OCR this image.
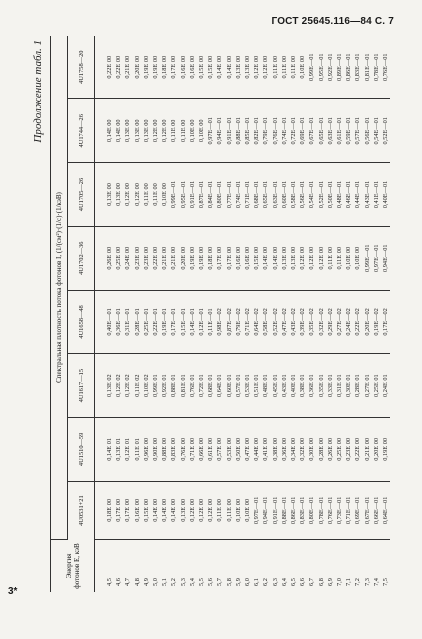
ГОСТ 25645.116—84 С. 7
Продолжение табл. 1
Энергия фотонов E, кэВ	Спектральная плотность потока фотонов I, (1/(см²)·(1/с)·(1/кэВ)							
	4U0531+21	4U1510—59	4U1617—15	4U1658—48	4U1702—36	4U1705—26	4U1744—26	4U1758—20
4,5	0,18E 00	0,14E 01	0,13E 02	0,40E—01	0,26E 00	0,13E 00	0,14E 00	0,22E 00
4,6	0,17E 00	0,13E 01	0,12E 02	0,36E—01	0,25E 00	0,13E 00	0,14E 00	0,22E 00
4,7	0,17E 00	0,12E 01	0,12E 02	0,31E—01	0,24E 00	0,12E 00	0,13E 00	0,21E 00
4,8	0,16E 00	0,11E 01	0,11E 02	0,28E—01	0,23E 00	0,12E 00	0,13E 00	0,20E 00
4,9	0,15E 00	0,96E 00	0,10E 02	0,25E—01	0,23E 00	0,11E 00	0,13E 00	0,19E 00
5,0	0,14E 00	0,90E 00	0,99E 01	0,22E—01	0,22E 00	0,11E 00	0,12E 00	0,19E 00
5,1	0,14E 00	0,88E 00	0,92E 01	0,19E—01	0,21E 00	0,10E 00	0,12E 00	0,18E 00
5,2	0,14E 00	0,83E 00	0,88E 01	0,17E—01	0,21E 00	0,99E—01	0,11E 00	0,17E 00
5,3	0,13E 00	0,76E 00	0,81E 01	0,15E—01	0,20E 00	0,95E—01	0,11E 00	0,16E 00
5,4	0,12E 00	0,71E 00	0,76E 01	0,14E—01	0,19E 00	0,91E—01	0,10E 00	0,16E 00
5,5	0,12E 00	0,66E 00	0,72E 01	0,12E—01	0,19E 00	0,87E—01	0,10E 00	0,15E 00
5,6	0,12E 00	0,61E 00	0,68E 01	0,11E—01	0,18E 00	0,84E—01	0,97E—01	0,15E 00
5,7	0,11E 00	0,57E 00	0,64E 01	0,98E—02	0,17E 00	0,80E—01	0,94E—01	0,14E 00
5,8	0,11E 00	0,53E 00	0,60E 01	0,87E—02	0,17E 00	0,77E—01	0,91E—01	0,14E 00
5,9	0,10E 00	0,50E 00	0,57E 01	0,79E—02	0,16E 00	0,74E—01	0,88E—01	0,13E 00
6,0	0,10E 00	0,47E 00	0,53E 01	0,71E—02	0,16E 00	0,71E—01	0,85E—01	0,13E 00
6,1	0,97E—01	0,44E 00	0,51E 01	0,64E—02	0,15E 00	0,68E—01	0,82E—01	0,12E 00
6,2	0,94E—01	0,41E 00	0,48E 01	0,58E—02	0,14E 00	0,65E—01	0,79E—01	0,12E 00
6,3	0,91E—01	0,38E 00	0,45E 01	0,52E—02	0,14E 00	0,63E—01	0,76E—01	0,11E 00
6,4	0,88E—01	0,36E 00	0,43E 01	0,47E—02	0,13E 00	0,60E—01	0,74E—01	0,11E 00
6,5	0,86E—01	0,34E 00	0,40E 01	0,43E—02	0,13E 00	0,58E—01	0,72E—01	0,11E 00
6,6	0,83E—01	0,32E 00	0,38E 01	0,39E—02	0,12E 00	0,56E—01	0,69E—01	0,10E 00
6,7	0,80E—01	0,30E 00	0,36E 01	0,35E—02	0,12E 00	0,54E—01	0,67E—01	0,99E—01
6,8	0,78E—01	0,28E 00	0,35E 01	0,32E—02	0,12E 00	0,52E—01	0,65E—01	0,95E—01
6,9	0,76E—01	0,26E 00	0,33E 01	0,29E—02	0,11E 00	0,50E—01	0,63E—01	0,92E—01
7,0	0,73E—01	0,25E 00	0,31E 01	0,27E—02	0,11E 00	0,48E—01	0,61E—01	0,89E—01
7,1	0,71E—01	0,23E 00	0,30E 01	0,24E—02	0,10E 00	0,46E—01	0,59E—01	0,86E—01
7,2	0,69E—01	0,22E 00	0,28E 01	0,22E—02	0,10E 00	0,44E—01	0,57E—01	0,83E—01
7,3	0,67E—01	0,21E 00	0,27E 01	0,20E—02	0,99E—01	0,43E—01	0,56E—01	0,81E—01
7,4	0,66E—01	0,20E 00	0,25E 01	0,19E—02	0,97E—01	0,41E—01	0,54E—01	0,78E—01
7,5	0,64E—01	0,19E 00	0,24E 01	0,17E—02	0,94E—01	0,40E—01	0,52E—01	0,76E—01
3*
